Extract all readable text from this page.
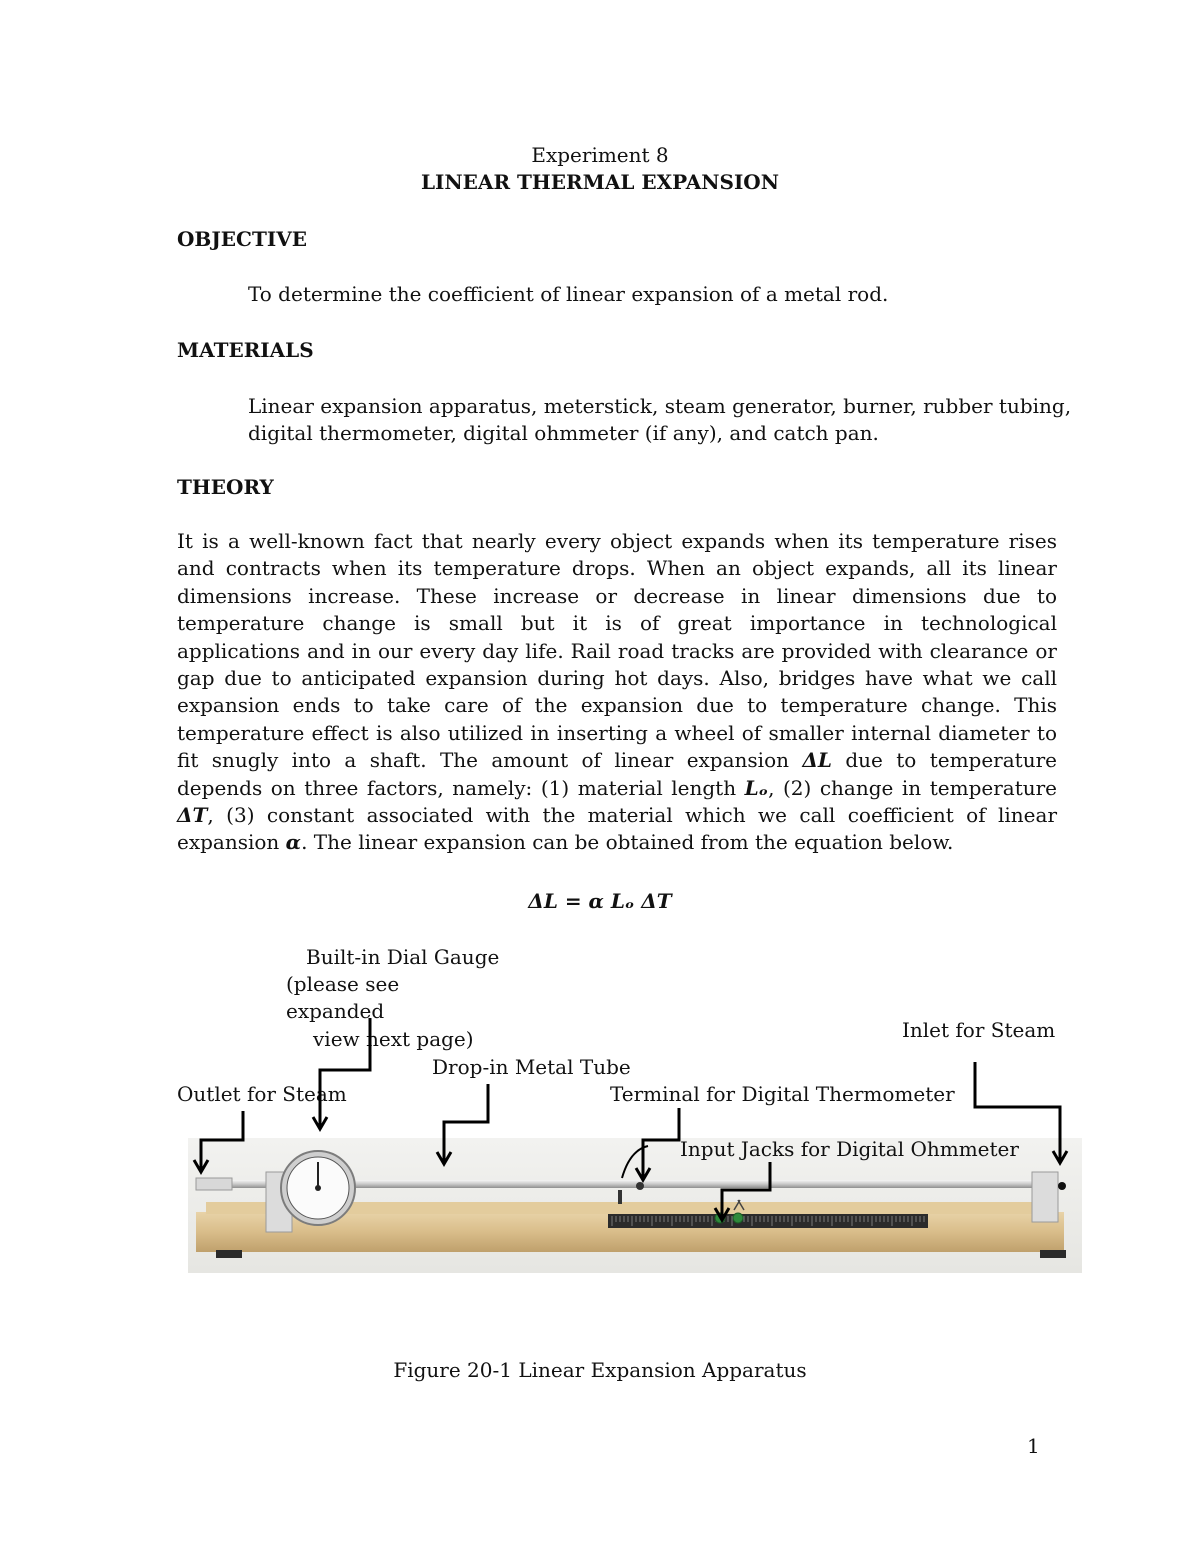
Experiment 8
LINEAR THERMAL EXPANSION
OBJECTIVE
To determine the coefficient of linear expansion of a metal rod.
MATERIALS
Linear expansion apparatus, meterstick, steam generator, burner, rubber tubing,
digital thermometer, digital ohmmeter (if any), and catch pan.
THEORY

It is a well-known fact that nearly every object expands when its temperature rises and contracts when its temperature drops. When an object expands, all its linear dimensions increase. These increase or decrease in linear dimensions due to temperature change is small but it is of great importance in technological applications and in our every day life. Rail road tracks are provided with clearance or gap due to anticipated expansion during hot days. Also, bridges have what we call expansion ends to take care of the expansion due to temperature change. This temperature effect is also utilized in inserting a wheel of smaller internal diameter to fit snugly into a shaft. The amount of linear expansion ΔL due to temperature depends on three factors, namely: (1) material length Lₒ, (2) change in temperature ΔT, (3) constant associated with the material which we call coefficient of linear expansion α. The linear expansion can be obtained from the equation below.

ΔL = α Lₒ ΔT
Built-in Dial Gauge
(please see
expanded
view next page)	Inlet for Steam
Drop-in Metal Tube
Outlet for Steam	Terminal for Digital Thermometer
Input Jacks for Digital Ohmmeter
Figure 20-1 Linear Expansion Apparatus
1
